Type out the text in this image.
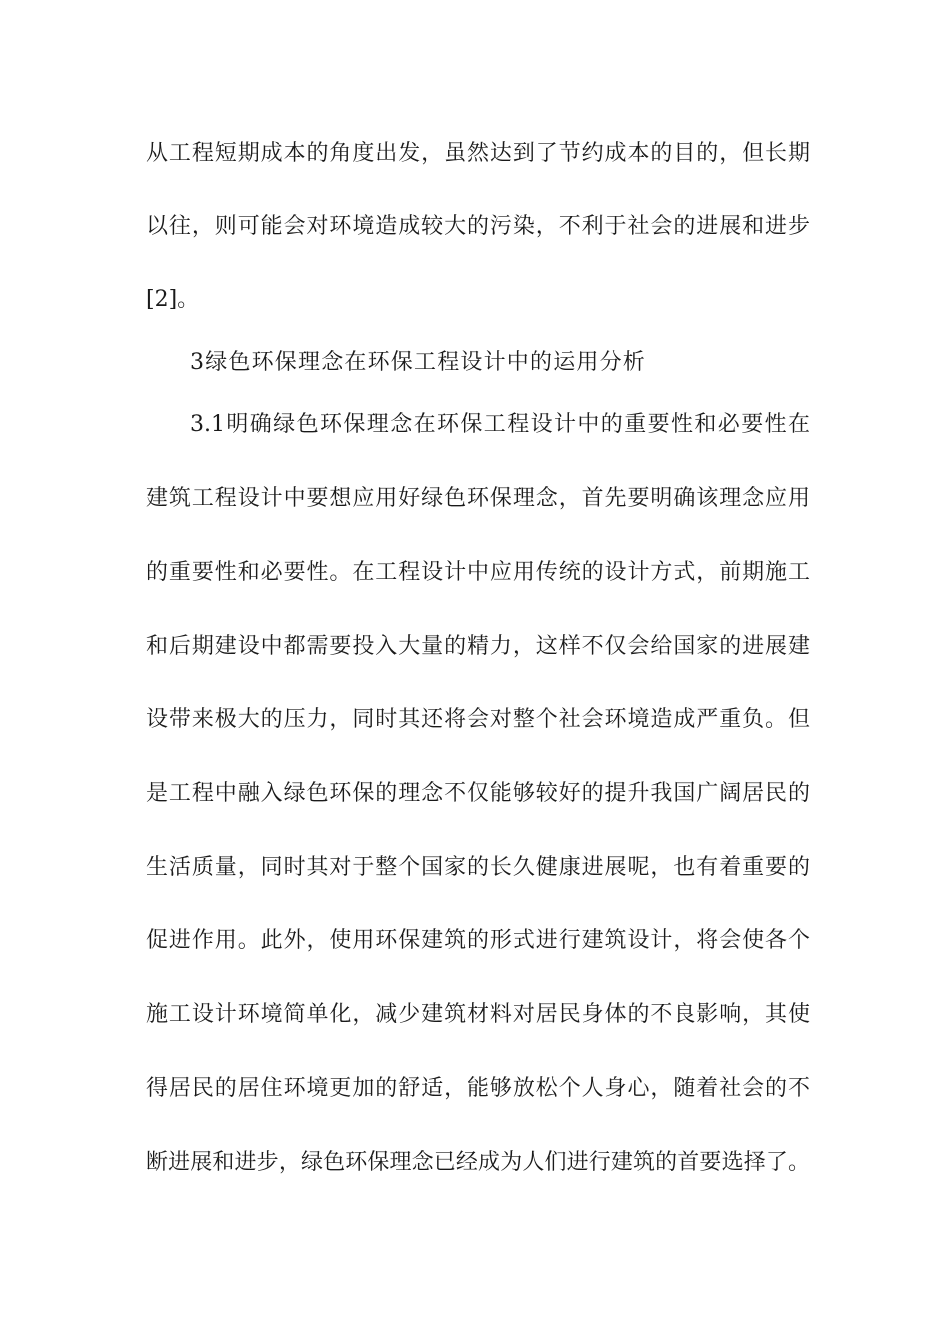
从工程短期成本的角度出发，虽然达到了节约成本的目的，但长期
以往，则可能会对环境造成较大的污染，不利于社会的进展和进步
[2]。
3绿色环保理念在环保工程设计中的运用分析
3.1明确绿色环保理念在环保工程设计中的重要性和必要性在
建筑工程设计中要想应用好绿色环保理念，首先要明确该理念应用
的重要性和必要性。在工程设计中应用传统的设计方式，前期施工
和后期建设中都需要投入大量的精力，这样不仅会给国家的进展建
设带来极大的压力，同时其还将会对整个社会环境造成严重负。但
是工程中融入绿色环保的理念不仅能够较好的提升我国广阔居民的
生活质量，同时其对于整个国家的长久健康进展呢，也有着重要的
促进作用。此外，使用环保建筑的形式进行建筑设计，将会使各个
施工设计环境简单化，减少建筑材料对居民身体的不良影响，其使
得居民的居住环境更加的舒适，能够放松个人身心，随着社会的不
断进展和进步，绿色环保理念已经成为人们进行建筑的首要选择了。
